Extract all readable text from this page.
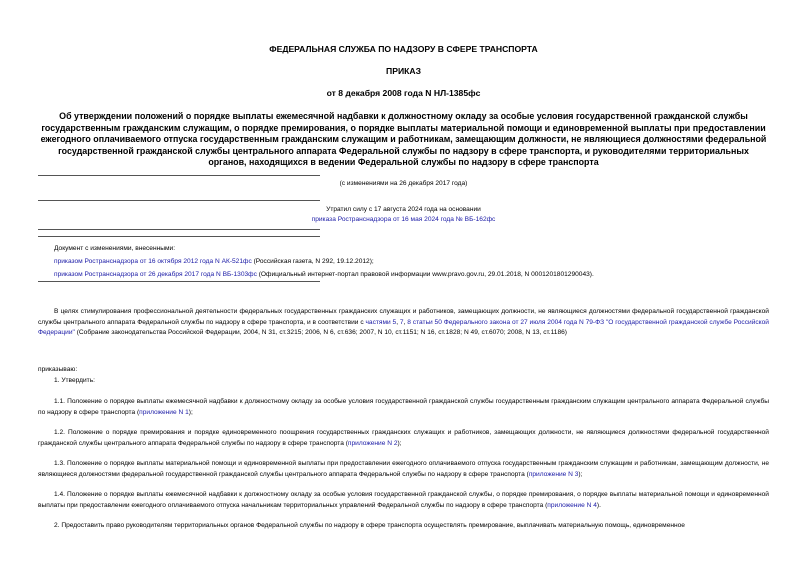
ФЕДЕРАЛЬНАЯ СЛУЖБА ПО НАДЗОРУ В СФЕРЕ ТРАНСПОРТА
ПРИКАЗ
от 8 декабря 2008 года N НЛ-1385фс
Об утверждении положений о порядке выплаты ежемесячной надбавки к должностному окладу за особые условия государственной гражданской службы государственным гражданским служащим, о порядке премирования, о порядке выплаты материальной помощи и единовременной выплаты при предоставлении ежегодного оплачиваемого отпуска государственным гражданским служащим и работникам, замещающим должности, не являющиеся должностями федеральной государственной гражданской службы центрального аппарата Федеральной службы по надзору в сфере транспорта, и руководителями территориальных органов, находящихся в ведении Федеральной службы по надзору в сфере транспорта
(с изменениями на 26 декабря 2017 года)
Утратил силу с 17 августа 2024 года на основании
приказа Ространснадзора от 16 мая 2024 года № ВБ-162фс
Документ с изменениями, внесенными:
приказом Ространснадзора от 16 октября 2012 года N АК-521фс (Российская газета, N 292, 19.12.2012);
приказом Ространснадзора от 26 декабря 2017 года N ВБ-1303фс (Официальный интернет-портал правовой информации www.pravo.gov.ru, 29.01.2018, N 0001201801290043).
В целях стимулирования профессиональной деятельности федеральных государственных гражданских служащих и работников, замещающих должности, не являющиеся должностями федеральной государственной гражданской службы центрального аппарата Федеральной службы по надзору в сфере транспорта, и в соответствии с частями 5, 7, 8 статьи 50 Федерального закона от 27 июля 2004 года N 79-ФЗ "О государственной гражданской службе Российской Федерации" (Собрание законодательства Российской Федерации, 2004, N 31, ст.3215; 2006, N 6, ст.636; 2007, N 10, ст.1151; N 16, ст.1828; N 49, ст.6070; 2008, N 13, ст.1186)
приказываю:
1. Утвердить:
1.1. Положение о порядке выплаты ежемесячной надбавки к должностному окладу за особые условия государственной гражданской службы государственным гражданским служащим центрального аппарата Федеральной службы по надзору в сфере транспорта (приложение N 1);
1.2. Положение о порядке премирования и порядке единовременного поощрения государственных гражданских служащих и работников, замещающих должности, не являющиеся должностями федеральной государственной гражданской службы центрального аппарата Федеральной службы по надзору в сфере транспорта (приложение N 2);
1.3. Положение о порядке выплаты материальной помощи и единовременной выплаты при предоставлении ежегодного оплачиваемого отпуска государственным гражданским служащим и работникам, замещающим должности, не являющиеся должностями федеральной государственной гражданской службы центрального аппарата Федеральной службы по надзору в сфере транспорта (приложение N 3);
1.4. Положение о порядке выплаты ежемесячной надбавки к должностному окладу за особые условия государственной гражданской службы, о порядке премирования, о порядке выплаты материальной помощи и единовременной выплаты при предоставлении ежегодного оплачиваемого отпуска начальникам территориальных управлений Федеральной службы по надзору в сфере транспорта (приложение N 4).
2. Предоставить право руководителям территориальных органов Федеральной службы по надзору в сфере транспорта осуществлять премирование, выплачивать материальную помощь, единовременное
